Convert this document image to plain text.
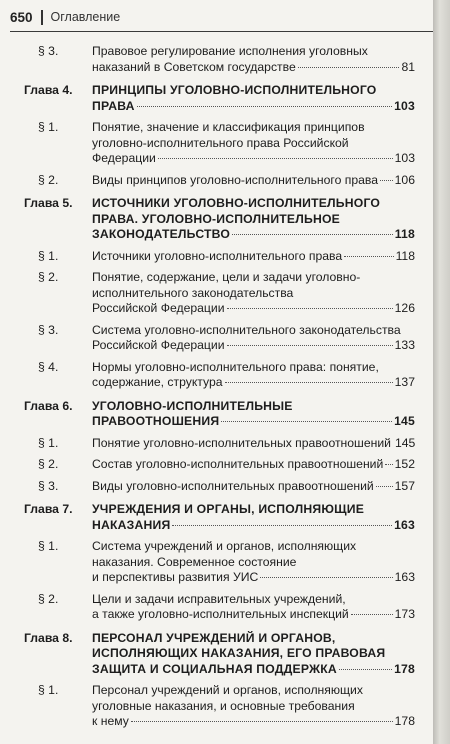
650	Оглавление
§ 3.	Правовое регулирование исполнения уголовных
наказаний в Советском государстве	81
Глава 4. ПРИНЦИПЫ УГОЛОВНО-ИСПОЛНИТЕЛЬНОГО
ПРАВА	103
§ 1.	Понятие, значение и классификация принципов
уголовно-исполнительного права Российской
Федерации	103
§ 2.	Виды принципов уголовно-исполнительного права 106
Глава 5. ИСТОЧНИКИ УГОЛОВНО-ИСПОЛНИТЕЛЬНОГО
ПРАВА. УГОЛОВНО-ИСПОЛНИТЕЛЬНОЕ
ЗАКОНОДАТЕЛЬСТВО	118
§ 1.	Источники уголовно-исполнительного права	118
§ 2.	Понятие, содержание, цели и задачи уголовно-
исполнительного законодательства
Российской Федерации	126
§ 3.	Система уголовно-исполнительного законодательства
Российской Федерации	133
§ 4.	Нормы уголовно-исполнительного права: понятие,
содержание, структура	137
Глава 6. УГОЛОВНО-ИСПОЛНИТЕЛЬНЫЕ
ПРАВООТНОШЕНИЯ	145
§ 1.	Понятие уголовно-исполнительных правоотношений 145
§ 2.	Состав уголовно-исполнительных правоотношений 152
§ 3.	Виды уголовно-исполнительных правоотношений 157
Глава 7. УЧРЕЖДЕНИЯ И ОРГАНЫ, ИСПОЛНЯЮЩИЕ
НАКАЗАНИЯ	163
§ 1.	Система учреждений и органов, исполняющих
наказания. Современное состояние
и перспективы развития УИС	163
§ 2.	Цели и задачи исправительных учреждений,
а также уголовно-исполнительных инспекций	173
Глава 8. ПЕРСОНАЛ УЧРЕЖДЕНИЙ И ОРГАНОВ,
ИСПОЛНЯЮЩИХ НАКАЗАНИЯ, ЕГО ПРАВОВАЯ
ЗАЩИТА И СОЦИАЛЬНАЯ ПОДДЕРЖКА	178
§ 1.	Персонал учреждений и органов, исполняющих
уголовные наказания, и основные требования
к нему	178
